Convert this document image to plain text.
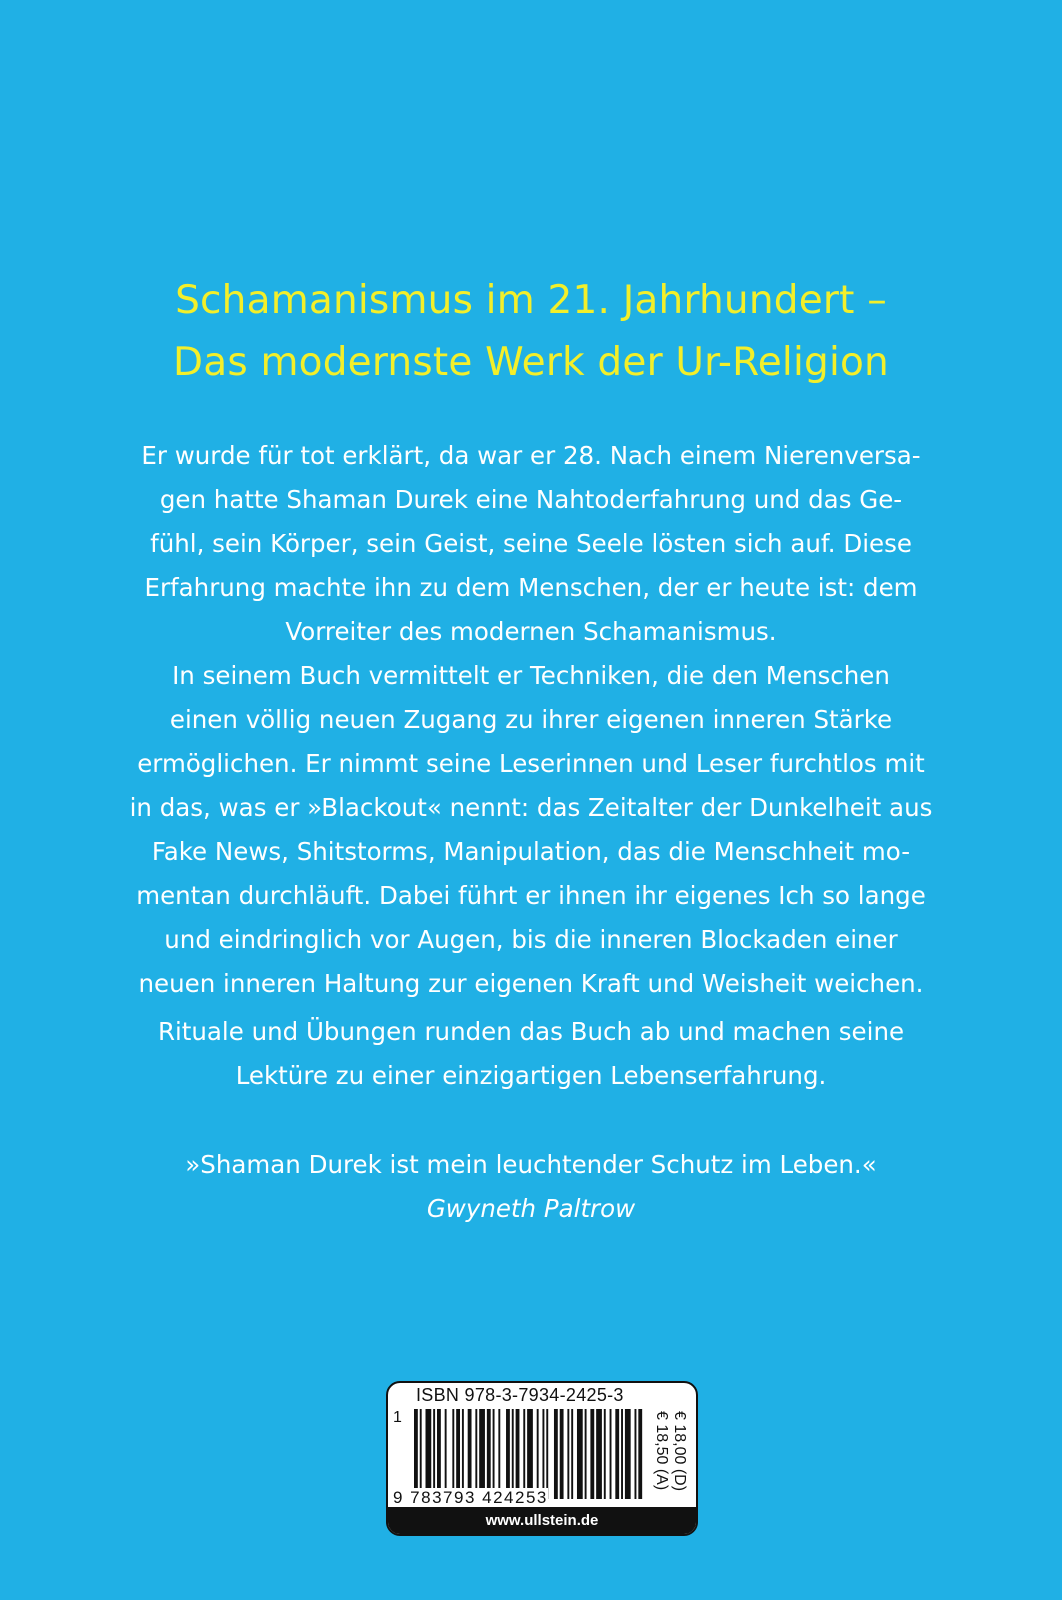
Schamanismus im 21. Jahrhundert –
Das modernste Werk der Ur-Religion
Er wurde für tot erklärt, da war er 28. Nach einem Nierenversa-
gen hatte Shaman Durek eine Nahtoderfahrung und das Ge-
fühl, sein Körper, sein Geist, seine Seele lösten sich auf. Diese
Erfahrung machte ihn zu dem Menschen, der er heute ist: dem
Vorreiter des modernen Schamanismus.
In seinem Buch vermittelt er Techniken, die den Menschen
einen völlig neuen Zugang zu ihrer eigenen inneren Stärke
ermöglichen. Er nimmt seine Leserinnen und Leser furchtlos mit
in das, was er »Blackout« nennt: das Zeitalter der Dunkelheit aus
Fake News, Shitstorms, Manipulation, das die Menschheit mo-
mentan durchläuft. Dabei führt er ihnen ihr eigenes Ich so lange
und eindringlich vor Augen, bis die inneren Blockaden einer
neuen inneren Haltung zur eigenen Kraft und Weisheit weichen.
Rituale und Übungen runden das Buch ab und machen seine
Lektüre zu einer einzigartigen Lebenserfahrung.
»Shaman Durek ist mein leuchtender Schutz im Leben.«
Gwyneth Paltrow
ISBN 978-3-7934-2425-3
1
9 783793 424253
€ 18,00 (D)
€ 18,50 (A)
www.ullstein.de
